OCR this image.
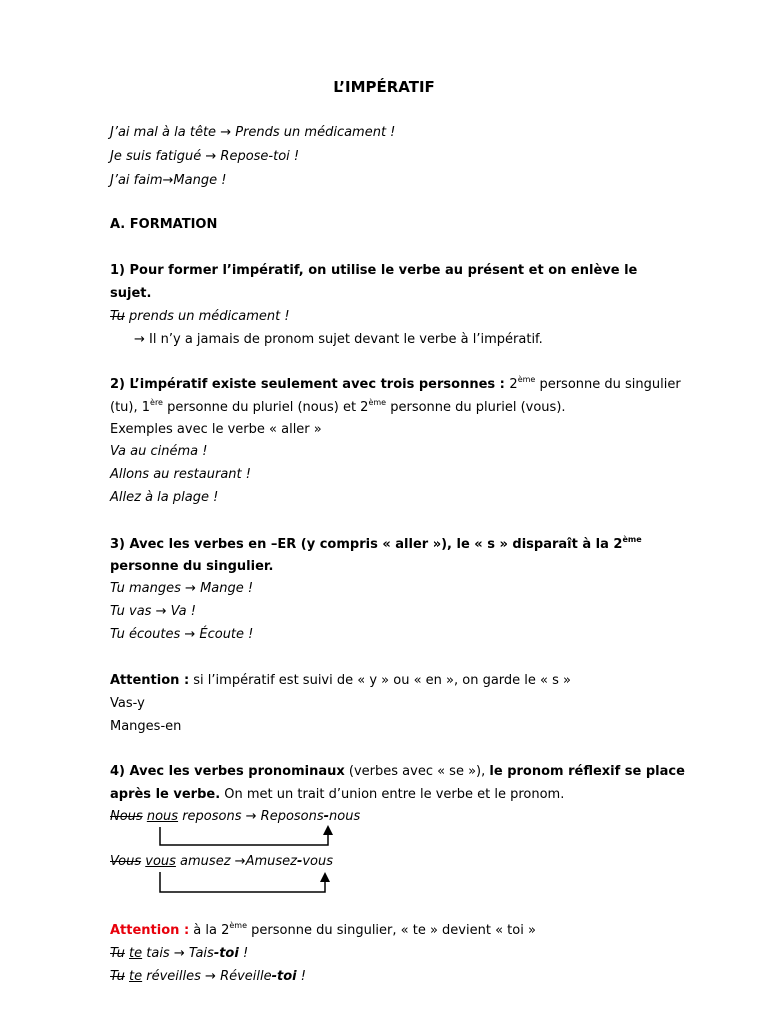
L’IMPÉRATIF
J’ai mal à la tête → Prends un médicament !
Je suis fatigué → Repose-toi !
J’ai faim→Mange !
A. FORMATION
1) Pour former l’impératif, on utilise le verbe au présent et on enlève le
sujet.
Tu prends un médicament !
→ Il n’y a jamais de pronom sujet devant le verbe à l’impératif.
2) L’impératif existe seulement avec trois personnes : 2ème personne du singulier
(tu), 1ère personne du pluriel (nous) et 2ème personne du pluriel (vous).
Exemples avec le verbe « aller »
Va au cinéma !
Allons au restaurant !
Allez à la plage !
3) Avec les verbes en –ER (y compris « aller »), le « s » disparaît à la 2ème
personne du singulier.
Tu manges → Mange !
Tu vas → Va !
Tu écoutes → Écoute !
Attention : si l’impératif est suivi de « y » ou « en », on garde le « s »
Vas-y
Manges-en
4) Avec les verbes pronominaux (verbes avec « se »), le pronom réflexif se place
après le verbe. On met un trait d’union entre le verbe et le pronom.
Nous nous reposons → Reposons-nous
Vous vous amusez →Amusez-vous
Attention : à la 2ème personne du singulier, « te » devient « toi »
Tu te tais → Tais-toi !
Tu te réveilles → Réveille-toi !
